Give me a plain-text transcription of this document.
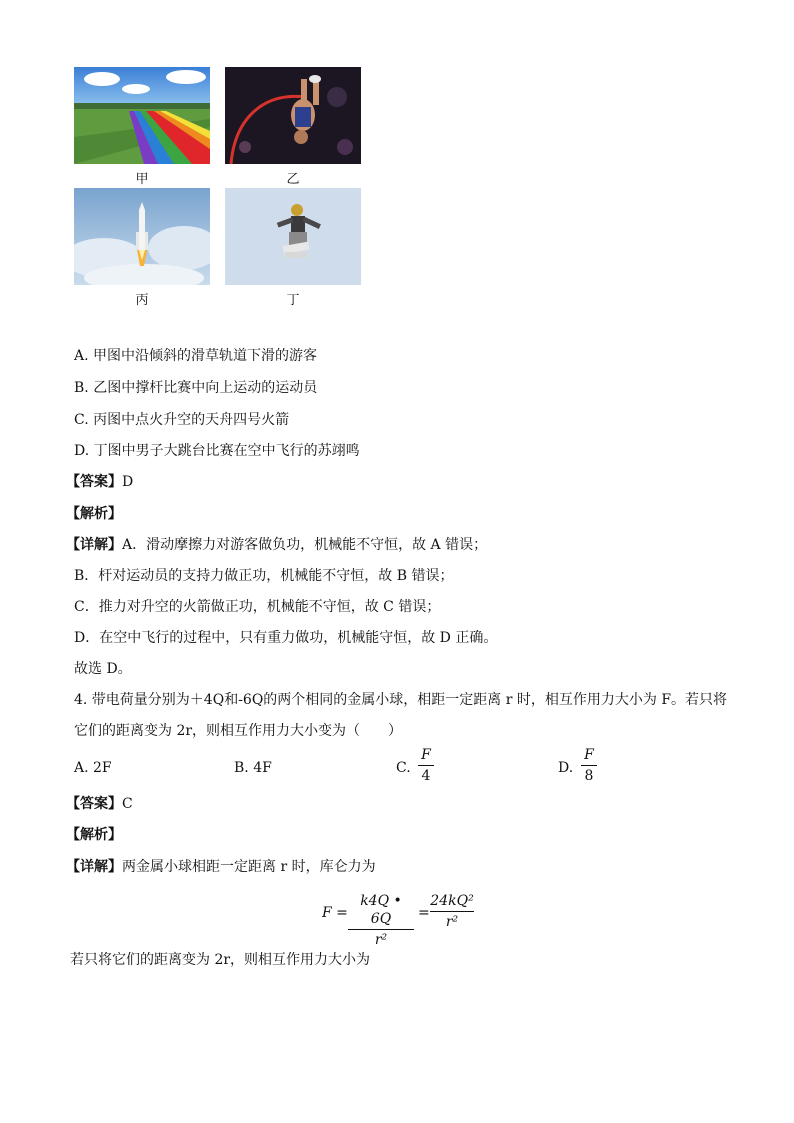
甲	乙
丙	丁
A. 甲图中沿倾斜的滑草轨道下滑的游客
B. 乙图中撑杆比赛中向上运动的运动员
C. 丙图中点火升空的天舟四号火箭
D. 丁图中男子大跳台比赛在空中飞行的苏翊鸣
【答案】D
【解析】
【详解】A．滑动摩擦力对游客做负功，机械能不守恒，故 A 错误；
B．杆对运动员的支持力做正功，机械能不守恒，故 B 错误；
C．推力对升空的火箭做正功，机械能不守恒，故 C 错误；
D．在空中飞行的过程中，只有重力做功，机械能守恒，故 D 正确。
故选 D。
4. 带电荷量分别为＋4Q和-6Q的两个相同的金属小球，相距一定距离 r 时，相互作用力大小为 F。若只将
它们的距离变为 2r，则相互作用力大小变为（　　）
A. 2F	B. 4F	C.
F
4	D.
F
8
【答案】C
【解析】
【详解】两金属小球相距一定距离 r 时，库仑力为
F =
k4Q • 6Q
r²
=
24kQ²
r²
若只将它们的距离变为 2r，则相互作用力大小为
